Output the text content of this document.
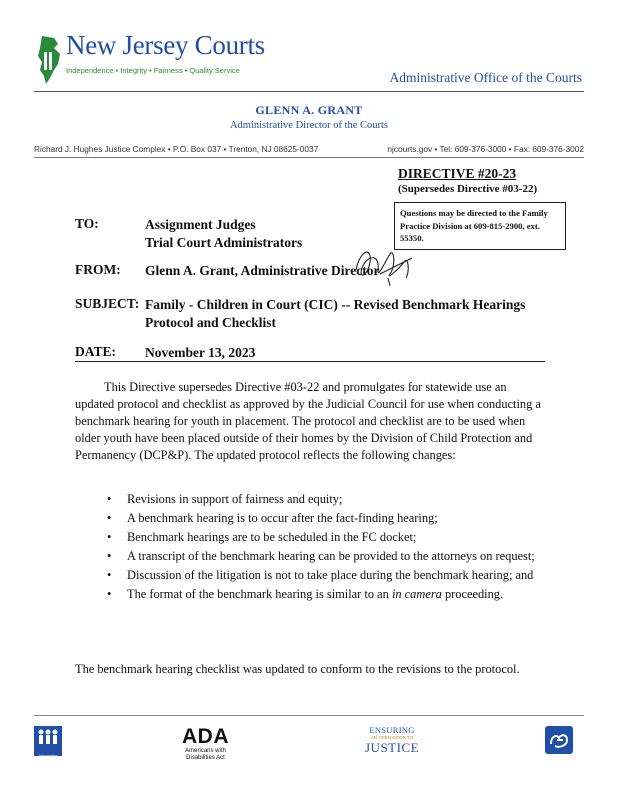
New Jersey Courts
Independence • Integrity • Fairness • Quality Service	Administrative Office of the Courts
GLENN A. GRANT
Administrative Director of the Courts
Richard J. Hughes Justice Complex • P.O. Box 037 • Trenton, NJ 08625-0037	njcourts.gov • Tel: 609-376-3000 • Fax: 609-376-3002
DIRECTIVE #20-23
(Supersedes Directive #03-22)
Questions may be directed to the Family Practice Division at 609-815-2900, ext. 55350.
TO:	Assignment Judges
Trial Court Administrators
FROM: Glenn A. Grant, Administrative Director
SUBJECT: Family - Children in Court (CIC) -- Revised Benchmark Hearings Protocol and Checklist
DATE: November 13, 2023
This Directive supersedes Directive #03-22 and promulgates for statewide use an updated protocol and checklist as approved by the Judicial Council for use when conducting a benchmark hearing for youth in placement. The protocol and checklist are to be used when older youth have been placed outside of their homes by the Division of Child Protection and Permanency (DCP&P). The updated protocol reflects the following changes:
• Revisions in support of fairness and equity;
• A benchmark hearing is to occur after the fact-finding hearing;
• Benchmark hearings are to be scheduled in the FC docket;
• A transcript of the benchmark hearing can be provided to the attorneys on request;
• Discussion of the litigation is not to take place during the benchmark hearing; and
• The format of the benchmark hearing is similar to an in camera proceeding.
The benchmark hearing checklist was updated to conform to the revisions to the protocol.
Interpreter
ADA
Americans with
Disabilities Act
ENSURING
AN OPEN DOOR TO
JUSTICE
